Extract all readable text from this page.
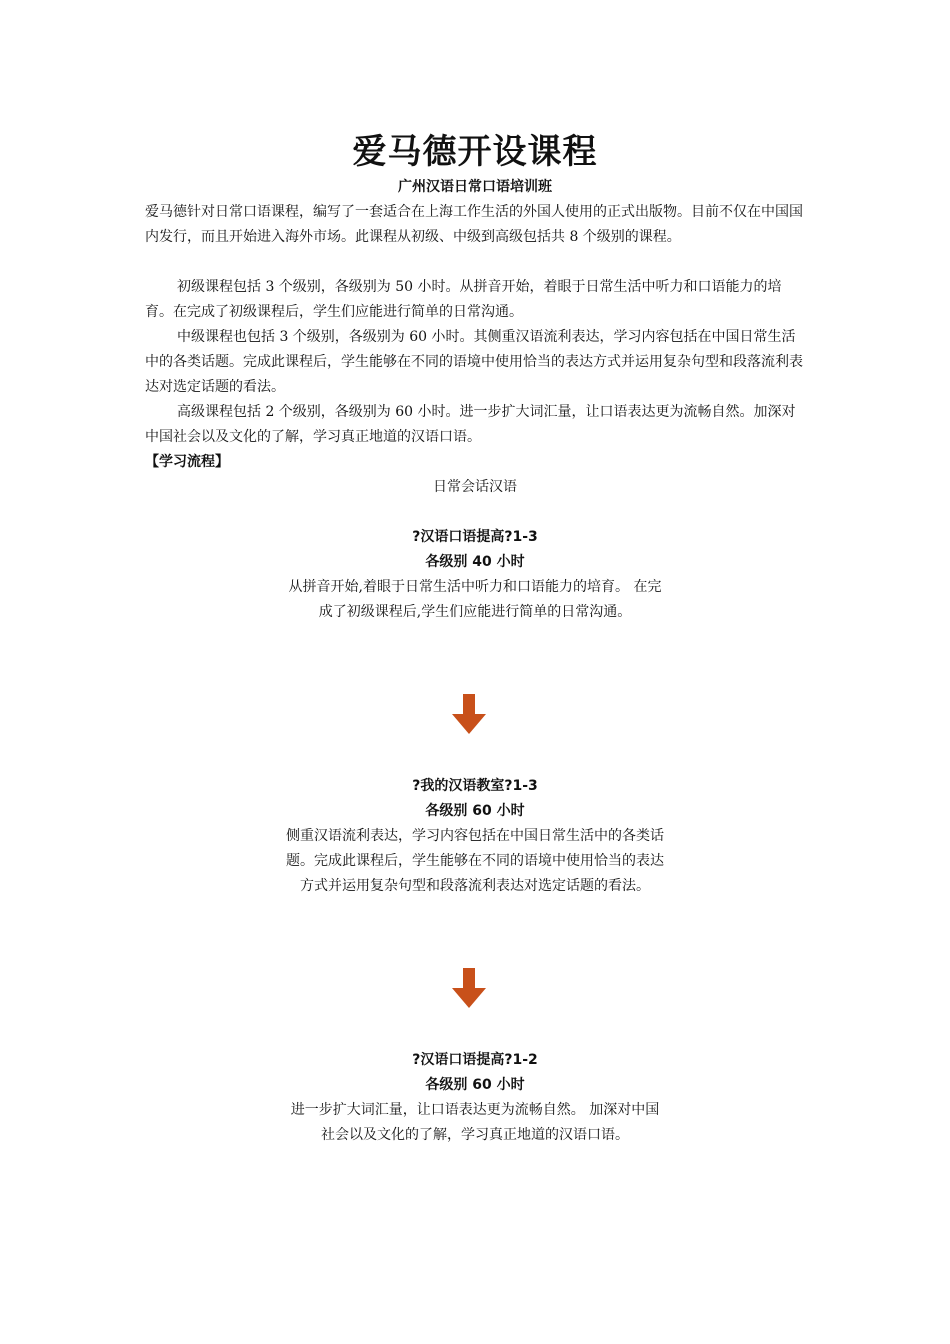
爱马德开设课程
广州汉语日常口语培训班

爱马德针对日常口语课程，编写了一套适合在上海工作生活的外国人使用的正式出版物。目前不仅在中国国内发行，而且开始进入海外市场。此课程从初级、中级到高级包括共 8 个级别的课程。

初级课程包括 3 个级别，各级别为 50 小时。从拼音开始，着眼于日常生活中听力和口语能力的培育。在完成了初级课程后，学生们应能进行简单的日常沟通。

中级课程也包括 3 个级别，各级别为 60 小时。其侧重汉语流利表达，学习内容包括在中国日常生活中的各类话题。完成此课程后，学生能够在不同的语境中使用恰当的表达方式并运用复杂句型和段落流利表达对选定话题的看法。

高级课程包括 2 个级别，各级别为 60 小时。进一步扩大词汇量，让口语表达更为流畅自然。加深对中国社会以及文化的了解，学习真正地道的汉语口语。

【学习流程】
日常会话汉语
?汉语口语提高?1-3
各级别 40 小时

从拼音开始,着眼于日常生活中听力和口语能力的培育。 在完成了初级课程后,学生们应能进行简单的日常沟通。

?我的汉语教室?1-3
各级别 60 小时

侧重汉语流利表达，学习内容包括在中国日常生活中的各类话题。完成此课程后，学生能够在不同的语境中使用恰当的表达方式并运用复杂句型和段落流利表达对选定话题的看法。

?汉语口语提高?1-2
各级别 60 小时

进一步扩大词汇量，让口语表达更为流畅自然。 加深对中国社会以及文化的了解，学习真正地道的汉语口语。
